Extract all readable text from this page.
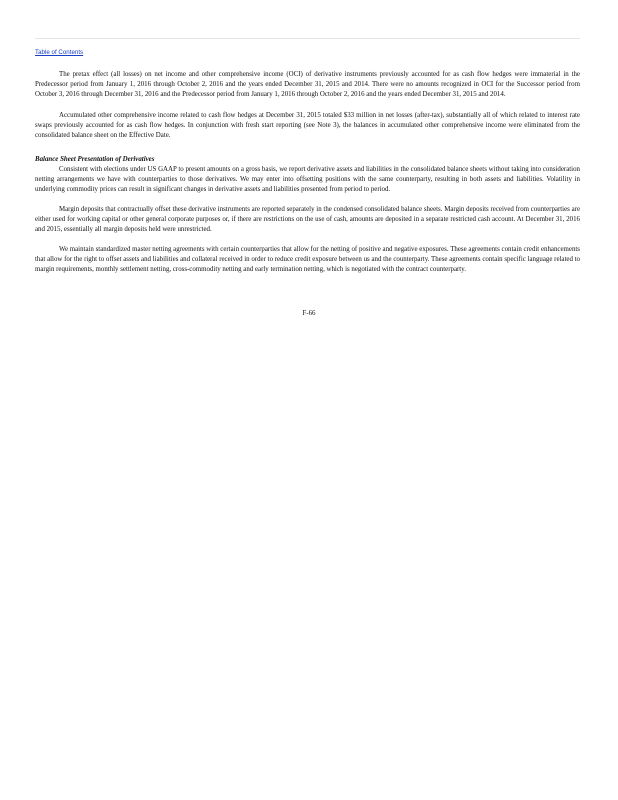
Table of Contents

The pretax effect (all losses) on net income and other comprehensive income (OCI) of derivative instruments previously accounted for as cash flow hedges were immaterial in the Predecessor period from January 1, 2016 through October 2, 2016 and the years ended December 31, 2015 and 2014. There were no amounts recognized in OCI for the Successor period from October 3, 2016 through December 31, 2016 and the Predecessor period from January 1, 2016 through October 2, 2016 and the years ended December 31, 2015 and 2014.

Accumulated other comprehensive income related to cash flow hedges at December 31, 2015 totaled $33 million in net losses (after-tax), substantially all of which related to interest rate swaps previously accounted for as cash flow hedges. In conjunction with fresh start reporting (see Note 3), the balances in accumulated other comprehensive income were eliminated from the consolidated balance sheet on the Effective Date.

Balance Sheet Presentation of Derivatives

Consistent with elections under US GAAP to present amounts on a gross basis, we report derivative assets and liabilities in the consolidated balance sheets without taking into consideration netting arrangements we have with counterparties to those derivatives. We may enter into offsetting positions with the same counterparty, resulting in both assets and liabilities. Volatility in underlying commodity prices can result in significant changes in derivative assets and liabilities presented from period to period.

Margin deposits that contractually offset these derivative instruments are reported separately in the condensed consolidated balance sheets. Margin deposits received from counterparties are either used for working capital or other general corporate purposes or, if there are restrictions on the use of cash, amounts are deposited in a separate restricted cash account. At December 31, 2016 and 2015, essentially all margin deposits held were unrestricted.

We maintain standardized master netting agreements with certain counterparties that allow for the netting of positive and negative exposures. These agreements contain credit enhancements that allow for the right to offset assets and liabilities and collateral received in order to reduce credit exposure between us and the counterparty. These agreements contain specific language related to margin requirements, monthly settlement netting, cross-commodity netting and early termination netting, which is negotiated with the contract counterparty.

F-66
